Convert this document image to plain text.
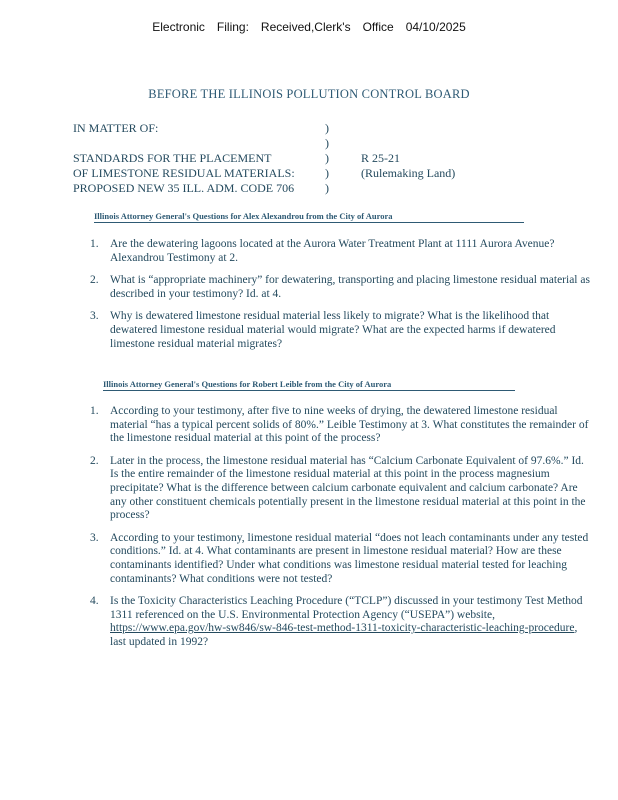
Electronic Filing: Received,Clerk's Office 04/10/2025
BEFORE THE ILLINOIS POLLUTION CONTROL BOARD
IN MATTER OF:	)
)
STANDARDS FOR THE PLACEMENT	)	R 25-21
OF LIMESTONE RESIDUAL MATERIALS:	)	(Rulemaking Land)
PROPOSED NEW 35 ILL. ADM. CODE 706	)
Illinois Attorney General's Questions for Alex Alexandrou from the City of Aurora
1. Are the dewatering lagoons located at the Aurora Water Treatment Plant at 1111 Aurora Avenue? Alexandrou Testimony at 2.
2. What is “appropriate machinery” for dewatering, transporting and placing limestone residual material as described in your testimony? Id. at 4.
3. Why is dewatered limestone residual material less likely to migrate? What is the likelihood that dewatered limestone residual material would migrate? What are the expected harms if dewatered limestone residual material migrates?
Illinois Attorney General's Questions for Robert Leible from the City of Aurora
1. According to your testimony, after five to nine weeks of drying, the dewatered limestone residual material “has a typical percent solids of 80%.” Leible Testimony at 3. What constitutes the remainder of the limestone residual material at this point of the process?
2. Later in the process, the limestone residual material has “Calcium Carbonate Equivalent of 97.6%.” Id. Is the entire remainder of the limestone residual material at this point in the process magnesium precipitate? What is the difference between calcium carbonate equivalent and calcium carbonate? Are any other constituent chemicals potentially present in the limestone residual material at this point in the process?
3. According to your testimony, limestone residual material “does not leach contaminants under any tested conditions.” Id. at 4. What contaminants are present in limestone residual material? How are these contaminants identified? Under what conditions was limestone residual material tested for leaching contaminants? What conditions were not tested?
4. Is the Toxicity Characteristics Leaching Procedure (“TCLP”) discussed in your testimony Test Method 1311 referenced on the U.S. Environmental Protection Agency (“USEPA”) website, https://www.epa.gov/hw-sw846/sw-846-test-method-1311-toxicity-characteristic-leaching-procedure, last updated in 1992?
